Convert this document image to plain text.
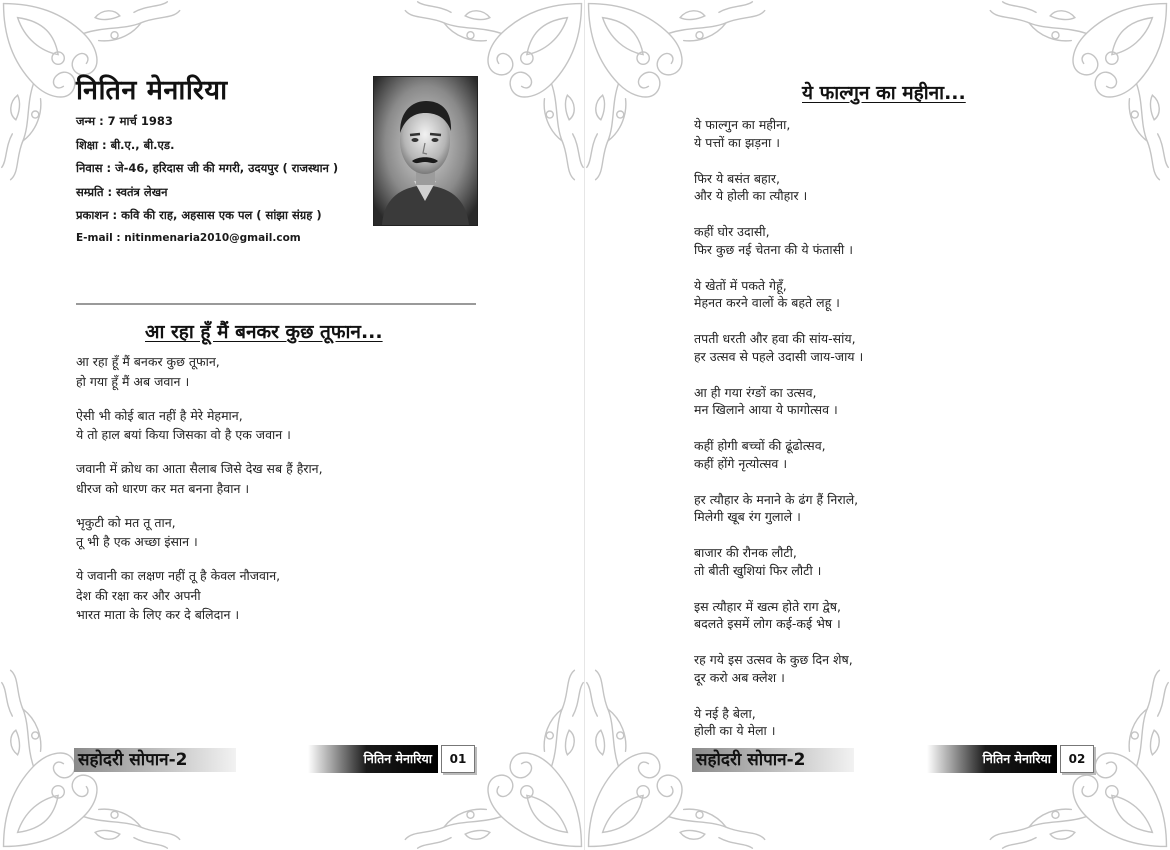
नितिन मेनारिया
जन्म : 7 मार्च 1983
शिक्षा : बी.ए., बी.एड.
निवास : जे-46, हरिदास जी की मगरी, उदयपुर ( राजस्थान )
सम्प्रति : स्वतंत्र लेखन
प्रकाशन : कवि की राह, अहसास एक पल ( सांझा संग्रह )
E-mail : nitinmenaria2010@gmail.com
आ रहा हूँ मैं बनकर कुछ तूफान...
आ रहा हूँ मैं बनकर कुछ तूफान,
हो गया हूँ मैं अब जवान ।
ऐसी भी कोई बात नहीं है मेरे मेहमान,
ये तो हाल बयां किया जिसका वो है एक जवान ।
जवानी में क्रोध का आता सैलाब जिसे देख सब हैं हैरान,
धीरज को धारण कर मत बनना हैवान ।
भृकुटी को मत तू तान,
तू भी है एक अच्छा इंसान ।
ये जवानी का लक्षण नहीं तू है केवल नौजवान,
देश की रक्षा कर और अपनी
भारत माता के लिए कर दे बलिदान ।
सहोदरी सोपान-2	नितिन मेनारिया	01
ये फाल्गुन का महीना...
ये फाल्गुन का महीना,
ये पत्तों का झड़ना ।
फिर ये बसंत बहार,
और ये होली का त्यौहार ।
कहीं घोर उदासी,
फिर कुछ नई चेतना की ये फंतासी ।
ये खेतों में पकते गेहूँ,
मेहनत करने वालों के बहते लहू ।
तपती धरती और हवा की सांय-सांय,
हर उत्सव से पहले उदासी जाय-जाय ।
आ ही गया रंग्ङों का उत्सव,
मन खिलाने आया ये फागोत्सव ।
कहीं होगी बच्चों की ढूंढोत्सव,
कहीं होंगे नृत्योत्सव ।
हर त्यौहार के मनाने के ढंग हैं निराले,
मिलेगी खूब रंग गुलाले ।
बाजार की रौनक लौटी,
तो बीती खुशियां फिर लौटी ।
इस त्यौहार में खत्म होते राग द्वेष,
बदलते इसमें लोग कई-कई भेष ।
रह गये इस उत्सव के कुछ दिन शेष,
दूर करो अब क्लेश ।
ये नई है बेला,
होली का ये मेला ।
सहोदरी सोपान-2	नितिन मेनारिया	02
